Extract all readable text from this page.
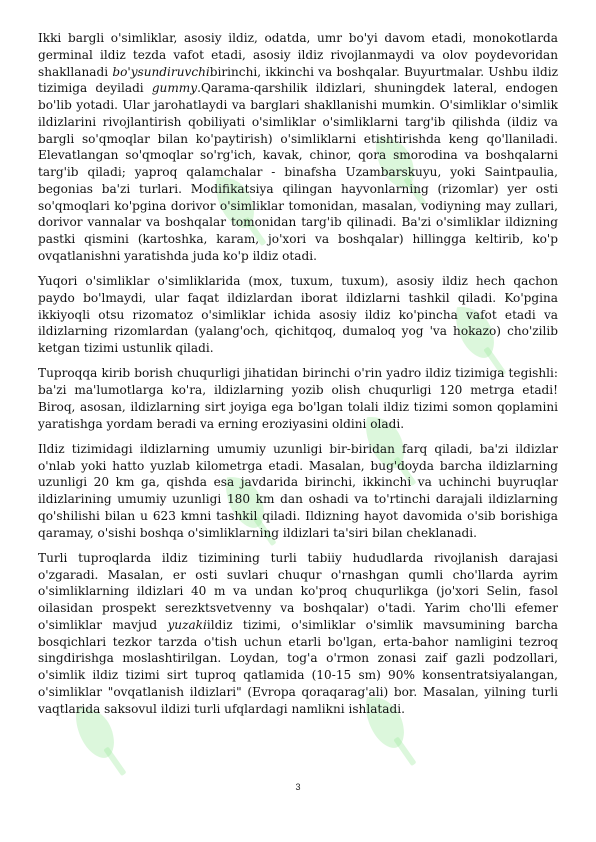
Ikki bargli o'simliklar, asosiy ildiz, odatda, umr bo'yi davom etadi, monokotlarda germinal ildiz tezda vafot etadi, asosiy ildiz rivojlanmaydi va olov poydevoridan shakllanadi bo'ysundiruvchibirinchi, ikkinchi va boshqalar. Buyurtmalar. Ushbu ildiz tizimiga deyiladi gummy.Qarama-qarshilik ildizlari, shuningdek lateral, endogen bo'lib yotadi. Ular jarohatlaydi va barglari shakllanishi mumkin. O'simliklar o'simlik ildizlarini rivojlantirish qobiliyati o'simliklar o'simliklarni targ'ib qilishda (ildiz va bargli so'qmoqlar bilan ko'paytirish) o'simliklarni etishtirishda keng qo'llaniladi. Elevatlangan so'qmoqlar so'rg'ich, kavak, chinor, qora smorodina va boshqalarni targ'ib qiladi; yaproq qalamchalar - binafsha Uzambarskuyu, yoki Saintpaulia, begonias ba'zi turlari. Modifikatsiya qilingan hayvonlarning (rizomlar) yer osti so'qmoqlari ko'pgina dorivor o'simliklar tomonidan, masalan, vodiyning may zullari, dorivor vannalar va boshqalar tomonidan targ'ib qilinadi. Ba'zi o'simliklar ildizning pastki qismini (kartoshka, karam, jo'xori va boshqalar) hillingga keltirib, ko'p ovqatlanishni yaratishda juda ko'p ildiz otadi.

Yuqori o'simliklar o'simliklarida (mox, tuxum, tuxum), asosiy ildiz hech qachon paydo bo'lmaydi, ular faqat ildizlardan iborat ildizlarni tashkil qiladi. Ko'pgina ikkiyoqli otsu rizomatoz o'simliklar ichida asosiy ildiz ko'pincha vafot etadi va ildizlarning rizomlardan (yalang'och, qichitqoq, dumaloq yog 'va hokazo) cho'zilib ketgan tizimi ustunlik qiladi.

Tuproqqa kirib borish chuqurligi jihatidan birinchi o'rin yadro ildiz tizimiga tegishli: ba'zi ma'lumotlarga ko'ra, ildizlarning yozib olish chuqurligi 120 metrga etadi! Biroq, asosan, ildizlarning sirt joyiga ega bo'lgan tolali ildiz tizimi somon qoplamini yaratishga yordam beradi va erning eroziyasini oldini oladi.

Ildiz tizimidagi ildizlarning umumiy uzunligi bir-biridan farq qiladi, ba'zi ildizlar o'nlab yoki hatto yuzlab kilometrga etadi. Masalan, bug'doyda barcha ildizlarning uzunligi 20 km ga, qishda esa javdarida birinchi, ikkinchi va uchinchi buyruqlar ildizlarining umumiy uzunligi 180 km dan oshadi va to'rtinchi darajali ildizlarning qo'shilishi bilan u 623 kmni tashkil qiladi. Ildizning hayot davomida o'sib borishiga qaramay, o'sishi boshqa o'simliklarning ildizlari ta'siri bilan cheklanadi.

Turli tuproqlarda ildiz tizimining turli tabiiy hududlarda rivojlanish darajasi o'zgaradi. Masalan, er osti suvlari chuqur o'rnashgan qumli cho'llarda ayrim o'simliklarning ildizlari 40 m va undan ko'proq chuqurlikga (jo'xori Selin, fasol oilasidan prospekt serezktsvetvenny va boshqalar) o'tadi. Yarim cho'lli efemer o'simliklar mavjud yuzakiildiz tizimi, o'simliklar o'simlik mavsumining barcha bosqichlari tezkor tarzda o'tish uchun etarli bo'lgan, erta-bahor namligini tezroq singdirishga moslashtirilgan. Loydan, tog'a o'rmon zonasi zaif gazli podzollari, o'simlik ildiz tizimi sirt tuproq qatlamida (10-15 sm) 90% konsentratsiyalangan, o'simliklar "ovqatlanish ildizlari" (Evropa qoraqarag'ali) bor. Masalan, yilning turli vaqtlarida saksovul ildizi turli ufqlardagi namlikni ishlatadi.

3
